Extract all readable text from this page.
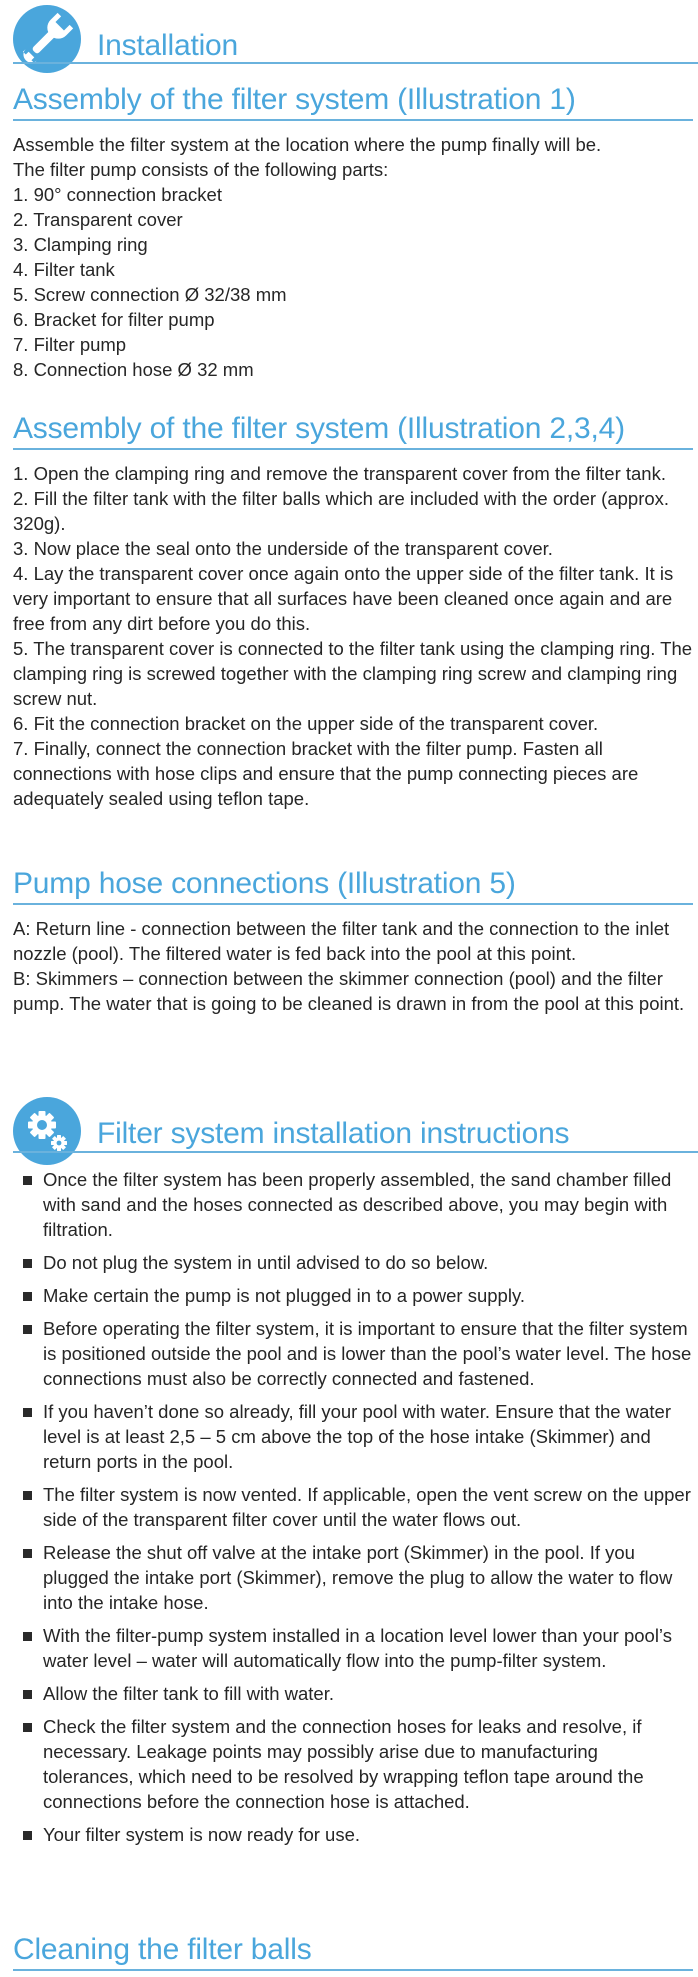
Installation
Assembly of the filter system (Illustration 1)
Assemble the filter system at the location where the pump finally will be.
The filter pump consists of the following parts:
1. 90° connection bracket
2. Transparent cover
3. Clamping ring
4. Filter tank
5. Screw connection Ø 32/38 mm
6. Bracket for filter pump
7. Filter pump
8. Connection hose Ø 32 mm
Assembly of the filter system (Illustration 2,3,4)
1. Open the clamping ring and remove the transparent cover from the filter tank.
2. Fill the filter tank with the filter balls which are included with the order (approx. 320g).
3. Now place the seal onto the underside of the transparent cover.
4. Lay the transparent cover once again onto the upper side of the filter tank. It is very important to ensure that all surfaces have been cleaned once again and are free from any dirt before you do this.
5. The transparent cover is connected to the filter tank using the clamping ring. The clamping ring is screwed together with the clamping ring screw and clamping ring screw nut.
6. Fit the connection bracket on the upper side of the transparent cover.
7. Finally, connect the connection bracket with the filter pump. Fasten all connections with hose clips and ensure that the pump connecting pieces are adequately sealed using teflon tape.
Pump hose connections (Illustration 5)
A: Return line - connection between the filter tank and the connection to the inlet nozzle (pool). The filtered water is fed back into the pool at this point.
B: Skimmers – connection between the skimmer connection (pool) and the filter pump. The water that is going to be cleaned is drawn in from the pool at this point.
Filter system installation instructions
Once the filter system has been properly assembled, the sand chamber filled with sand and the hoses connected as described above, you may begin with filtration.
Do not plug the system in until advised to do so below.
Make certain the pump is not plugged in to a power supply.
Before operating the filter system, it is important to ensure that the filter system is positioned outside the pool and is lower than the pool’s water level. The hose connections must also be correctly connected and fastened.
If you haven’t done so already, fill your pool with water. Ensure that the water level is at least 2,5 – 5 cm above the top of the hose intake (Skimmer) and return ports in the pool.
The filter system is now vented. If applicable, open the vent screw on the upper side of the transparent filter cover until the water flows out.
Release the shut off valve at the intake port (Skimmer) in the pool. If you plugged the intake port (Skimmer), remove the plug to allow the water to flow into the intake hose.
With the filter-pump system installed in a location level lower than your pool’s water level – water will automatically flow into the pump-filter system.
Allow the filter tank to fill with water.
Check the filter system and the connection hoses for leaks and resolve, if necessary. Leakage points may possibly arise due to manufacturing tolerances, which need to be resolved by wrapping teflon tape around the connections before the connection hose is attached.
Your filter system is now ready for use.
Cleaning the filter balls
